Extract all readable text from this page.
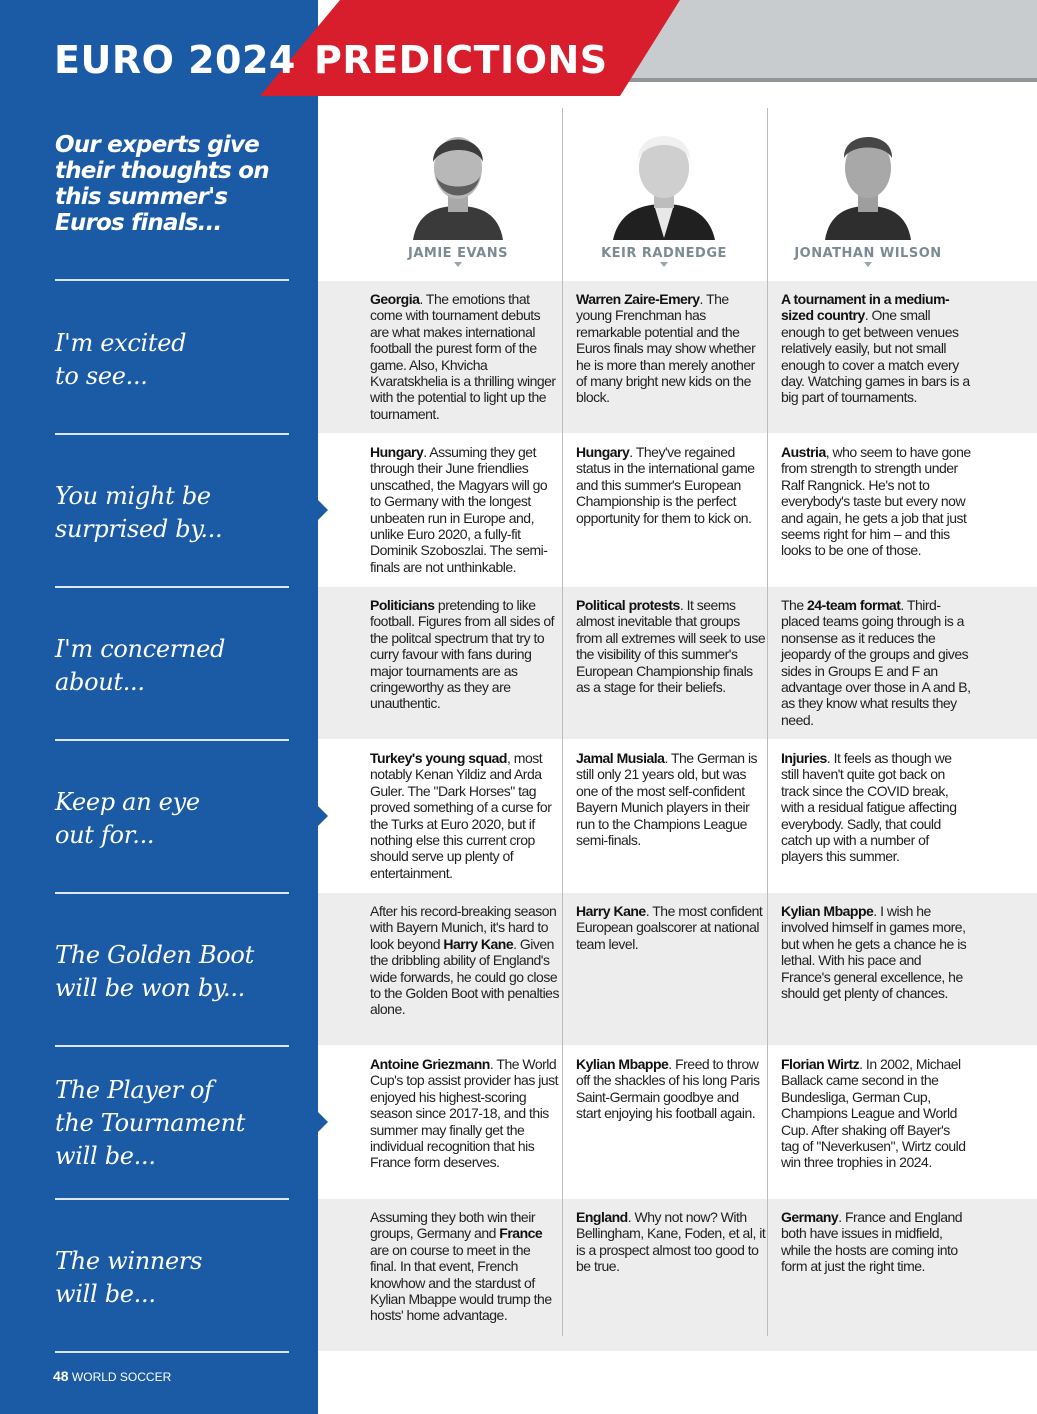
EURO 2024 PREDICTIONS
Our experts give their thoughts on this summer's Euros finals...
I'm excited
to see...
You might be
surprised by...
I'm concerned
about...
Keep an eye
out for...
The Golden Boot
will be won by...
The Player of
the Tournament
will be...
The winners
will be...
48 WORLD SOCCER
Georgia. The emotions that come with tournament debuts are what makes international football the purest form of the game. Also, Khvicha Kvaratskhelia is a thrilling winger with the potential to light up the tournament.
Warren Zaire-Emery. The young Frenchman has remarkable potential and the Euros finals may show whether he is more than merely another of many bright new kids on the block.
A tournament in a medium-sized country. One small enough to get between venues relatively easily, but not small enough to cover a match every day. Watching games in bars is a big part of tournaments.
Hungary. Assuming they get through their June friendlies unscathed, the Magyars will go to Germany with the longest unbeaten run in Europe and, unlike Euro 2020, a fully-fit Dominik Szoboszlai. The semi-finals are not unthinkable.
Hungary. They've regained status in the international game and this summer's European Championship is the perfect opportunity for them to kick on.
Austria, who seem to have gone from strength to strength under Ralf Rangnick. He's not to everybody's taste but every now and again, he gets a job that just seems right for him – and this looks to be one of those.
Politicians pretending to like football. Figures from all sides of the politcal spectrum that try to curry favour with fans during major tournaments are as cringeworthy as they are unauthentic.
Political protests. It seems almost inevitable that groups from all extremes will seek to use the visibility of this summer's European Championship finals as a stage for their beliefs.
The 24-team format. Third-placed teams going through is a nonsense as it reduces the jeopardy of the groups and gives sides in Groups E and F an advantage over those in A and B, as they know what results they need.
Turkey's young squad, most notably Kenan Yildiz and Arda Guler. The "Dark Horses" tag proved something of a curse for the Turks at Euro 2020, but if nothing else this current crop should serve up plenty of entertainment.
Jamal Musiala. The German is still only 21 years old, but was one of the most self-confident Bayern Munich players in their run to the Champions League semi-finals.
Injuries. It feels as though we still haven't quite got back on track since the COVID break, with a residual fatigue affecting everybody. Sadly, that could catch up with a number of players this summer.
After his record-breaking season with Bayern Munich, it's hard to look beyond Harry Kane. Given the dribbling ability of England's wide forwards, he could go close to the Golden Boot with penalties alone.
Harry Kane. The most confident European goalscorer at national team level.
Kylian Mbappe. I wish he involved himself in games more, but when he gets a chance he is lethal. With his pace and France's general excellence, he should get plenty of chances.
Antoine Griezmann. The World Cup's top assist provider has just enjoyed his highest-scoring season since 2017-18, and this summer may finally get the individual recognition that his France form deserves.
Kylian Mbappe. Freed to throw off the shackles of his long Paris Saint-Germain goodbye and start enjoying his football again.
Florian Wirtz. In 2002, Michael Ballack came second in the Bundesliga, German Cup, Champions League and World Cup. After shaking off Bayer's tag of "Neverkusen", Wirtz could win three trophies in 2024.
Assuming they both win their groups, Germany and France are on course to meet in the final. In that event, French knowhow and the stardust of Kylian Mbappe would trump the hosts' home advantage.
England. Why not now? With Bellingham, Kane, Foden, et al, it is a prospect almost too good to be true.
Germany. France and England both have issues in midfield, while the hosts are coming into form at just the right time.
JAMIE EVANS	KEIR RADNEDGE	JONATHAN WILSON
